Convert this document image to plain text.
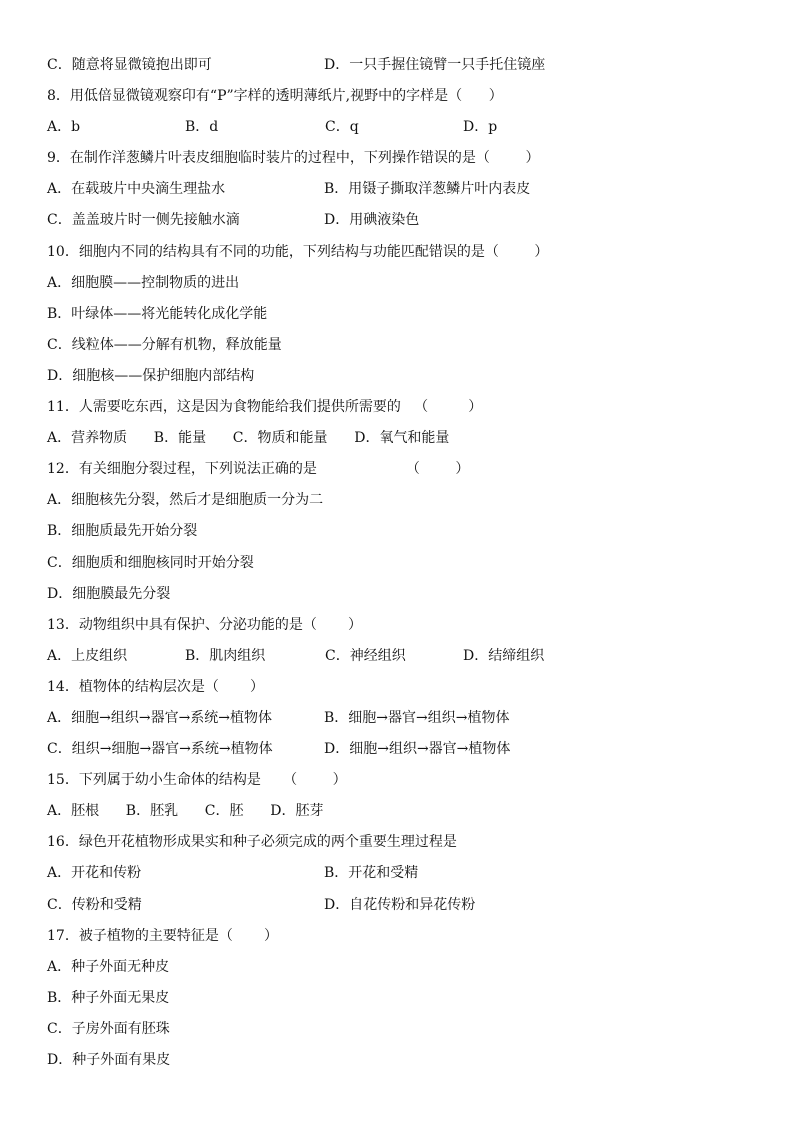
C．随意将显微镜抱出即可	D．一只手握住镜臂一只手托住镜座
8．用低倍显微镜观察印有“P”字样的透明薄纸片,视野中的字样是（      ）
A．b	B．d	C．q	D．p
9．在制作洋葱鳞片叶表皮细胞临时装片的过程中，下列操作错误的是（        ）
A．在载玻片中央滴生理盐水	B．用镊子撕取洋葱鳞片叶内表皮
C．盖盖玻片时一侧先接触水滴	D．用碘液染色
10．细胞内不同的结构具有不同的功能，下列结构与功能匹配错误的是（        ）
A．细胞膜——控制物质的进出
B．叶绿体——将光能转化成化学能
C．线粒体——分解有机物，释放能量
D．细胞核——保护细胞内部结构
11．人需要吃东西，这是因为食物能给我们提供所需要的   （         ）
A．营养物质      B．能量      C．物质和能量      D．氧气和能量
12．有关细胞分裂过程，下列说法正确的是                    （        ）
A．细胞核先分裂，然后才是细胞质一分为二
B．细胞质最先开始分裂
C．细胞质和细胞核同时开始分裂
D．细胞膜最先分裂
13．动物组织中具有保护、分泌功能的是（       ）
A．上皮组织	B．肌肉组织	C．神经组织	D．结缔组织
14．植物体的结构层次是（       ）
A．细胞→组织→器官→系统→植物体	B．细胞→器官→组织→植物体
C．组织→细胞→器官→系统→植物体	D．细胞→组织→器官→植物体
15．下列属于幼小生命体的结构是     （        ）
A．胚根      B．胚乳      C．胚      D．胚芽
16．绿色开花植物形成果实和种子必须完成的两个重要生理过程是
A．开花和传粉	B．开花和受精
C．传粉和受精	D．自花传粉和异花传粉
17．被子植物的主要特征是（       ）
A．种子外面无种皮
B．种子外面无果皮
C．子房外面有胚珠
D．种子外面有果皮
